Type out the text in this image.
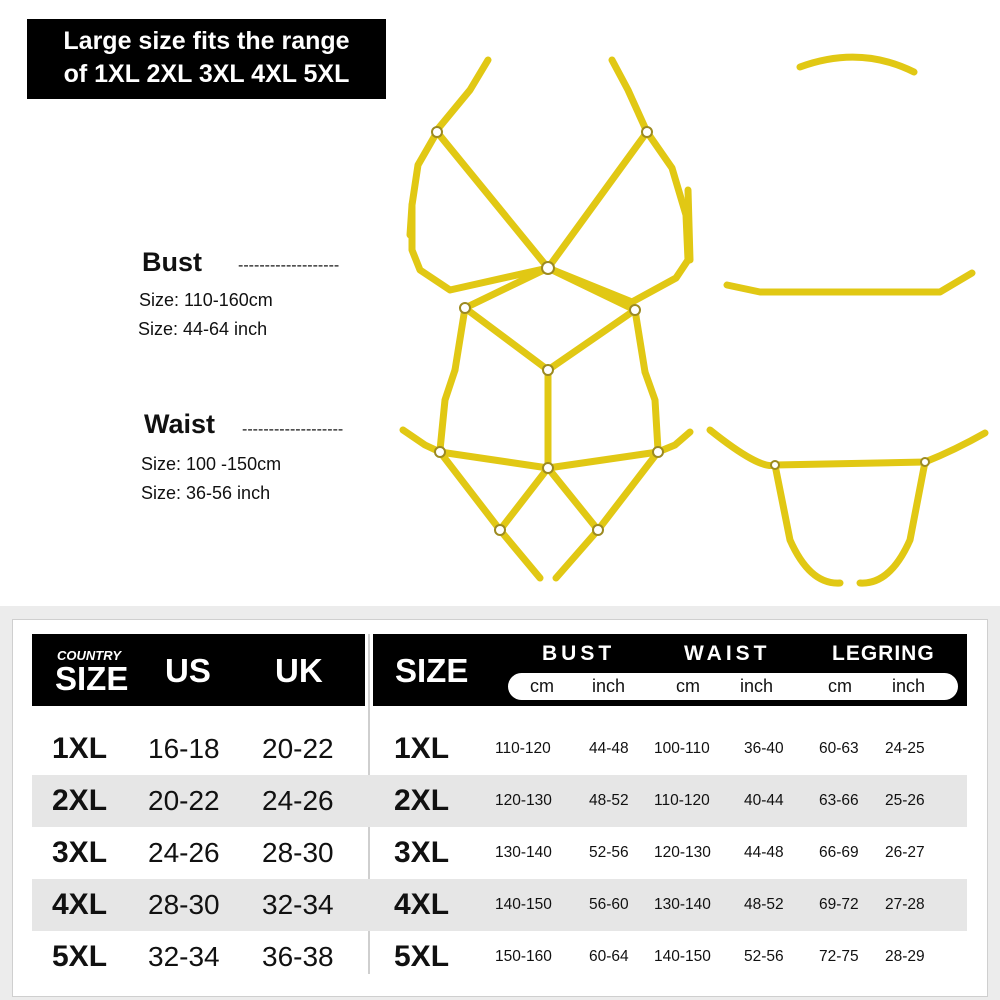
Large size fits the range
of 1XL 2XL 3XL 4XL 5XL
Bust -------------------
Size: 110-160cm
Size: 44-64 inch
Waist -------------------
Size: 100 -150cm
Size: 36-56 inch
COUNTRY
SIZE US UK SIZE	BUST	WAIST	LEGRING
cm inch	cm inch	cm inch
1XL 16-18 20-22 1XL	110-120 44-48 100-110 36-40 60-63 24-25
2XL 20-22 24-26 2XL	120-130 48-52 110-120 40-44 63-66 25-26
3XL 24-26 28-30 3XL	130-140 52-56 120-130 44-48 66-69 26-27
4XL 28-30 32-34 4XL	140-150 56-60 130-140 48-52 69-72 27-28
5XL 32-34 36-38 5XL	150-160 60-64 140-150 52-56 72-75 28-29
